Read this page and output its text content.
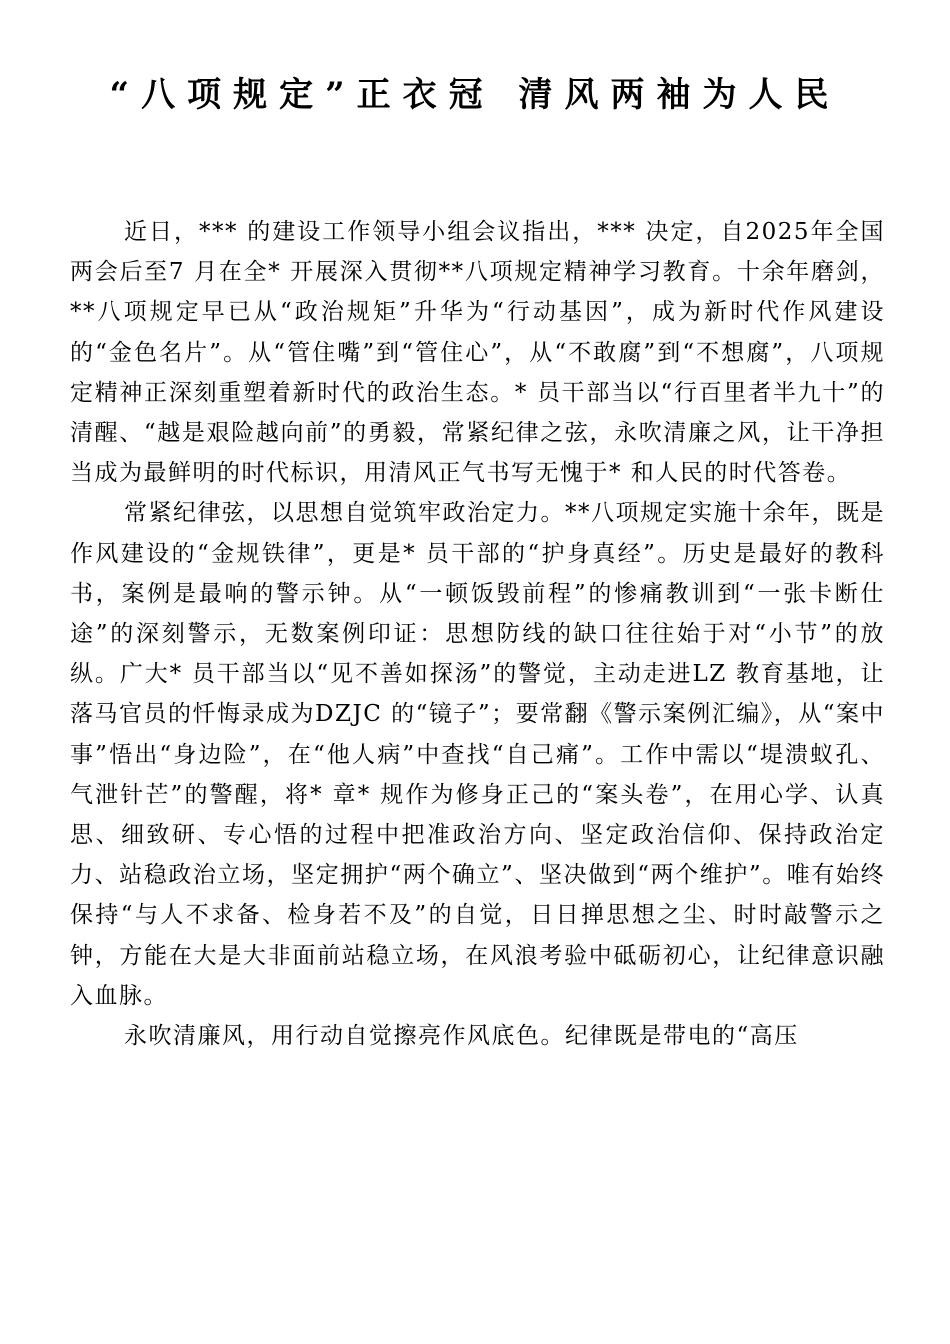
“八项规定”正衣冠 清风两袖为人民

近日，*** 的建设工作领导小组会议指出，*** 决定，自2025年全国两会后至7 月在全* 开展深入贯彻**八项规定精神学习教育。十余年磨剑，**八项规定早已从“政治规矩”升华为“行动基因”，成为新时代作风建设的“金色名片”。从“管住嘴”到“管住心”，从“不敢腐”到“不想腐”，八项规定精神正深刻重塑着新时代的政治生态。* 员干部当以“行百里者半九十”的清醒、“越是艰险越向前”的勇毅，常紧纪律之弦，永吹清廉之风，让干净担当成为最鲜明的时代标识，用清风正气书写无愧于* 和人民的时代答卷。

常紧纪律弦，以思想自觉筑牢政治定力。**八项规定实施十余年，既是作风建设的“金规铁律”，更是* 员干部的“护身真经”。历史是最好的教科书，案例是最响的警示钟。从“一顿饭毁前程”的惨痛教训到“一张卡断仕途”的深刻警示，无数案例印证：思想防线的缺口往往始于对“小节”的放纵。广大* 员干部当以“见不善如探汤”的警觉，主动走进LZ 教育基地，让落马官员的忏悔录成为DZJC 的“镜子”；要常翻《警示案例汇编》，从“案中事”悟出“身边险”，在“他人病”中查找“自己痛”。工作中需以“堤溃蚁孔、气泄针芒”的警醒，将* 章* 规作为修身正己的“案头卷”，在用心学、认真思、细致研、专心悟的过程中把准政治方向、坚定政治信仰、保持政治定力、站稳政治立场，坚定拥护“两个确立”、坚决做到“两个维护”。唯有始终保持“与人不求备、检身若不及”的自觉，日日掸思想之尘、时时敲警示之钟，方能在大是大非面前站稳立场，在风浪考验中砥砺初心，让纪律意识融入血脉。

永吹清廉风，用行动自觉擦亮作风底色。纪律既是带电的“高压
